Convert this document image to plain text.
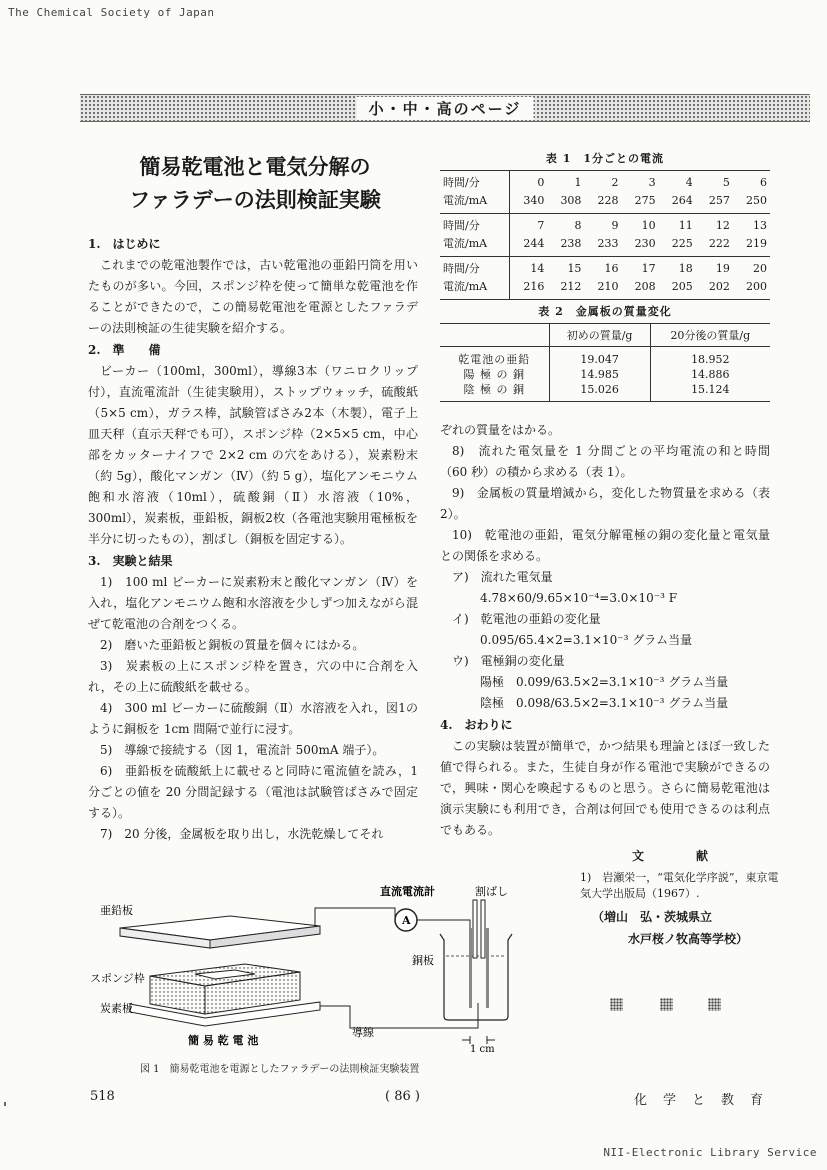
The Chemical Society of Japan
小・中・高のページ
簡易乾電池と電気分解の
ファラデーの法則検証実験
1.　はじめに
これまでの乾電池製作では，古い乾電池の亜鉛円筒を用いたものが多い。今回，スポンジ枠を使って簡単な乾電池を作ることができたので，この簡易乾電池を電源としたファラデーの法則検証の生徒実験を紹介する。
2.　準　　備
ビーカー（100ml，300ml），導線3本（ワニロクリップ付），直流電流計（生徒実験用），ストップウォッチ，硫酸紙（5×5 cm），ガラス棒，試験管ばさみ2本（木製），電子上皿天秤（直示天秤でも可），スポンジ枠（2×5×5 cm，中心部をカッターナイフで 2×2 cm の穴をあける），炭素粉末（約 5g），酸化マンガン（Ⅳ）（約 5 g），塩化アンモニウム飽和水溶液（10ml），硫酸銅（Ⅱ）水溶液（10%，300ml），炭素板，亜鉛板，銅板2枚（各電池実験用電極板を半分に切ったもの），割ばし（銅板を固定する）。
3.　実験と結果
1)　100 ml ビーカーに炭素粉末と酸化マンガン（Ⅳ）を入れ，塩化アンモニウム飽和水溶液を少しずつ加えながら混ぜて乾電池の合剤をつくる。
2)　磨いた亜鉛板と銅板の質量を個々にはかる。
3)　炭素板の上にスポンジ枠を置き，穴の中に合剤を入れ，その上に硫酸紙を載せる。
4)　300 ml ビーカーに硫酸銅（Ⅱ）水溶液を入れ，図1のように銅板を 1cm 間隔で並行に浸す。
5)　導線で接続する（図 1，電流計 500mA 端子）。
6)　亜鉛板を硫酸紙上に載せると同時に電流値を読み，1分ごとの値を 20 分間記録する（電池は試験管ばさみで固定する）。
7)　20 分後，金属板を取り出し，水洗乾燥してそれ
表 1　1分ごとの電流
時間/分	0	1	2	3	4	5	6
電流/mA	340	308	228	275	264	257	250
時間/分	7	8	9	10	11	12	13
電流/mA	244	238	233	230	225	222	219
時間/分	14	15	16	17	18	19	20
電流/mA	216	212	210	208	205	202	200
表 2　金属板の質量変化
	初めの質量/g	20分後の質量/g
乾電池の亜鉛	19.047	18.952
陽 極 の 銅	14.985	14.886
陰 極 の 銅	15.026	15.124
ぞれの質量をはかる。
8)　流れた電気量を 1 分間ごとの平均電流の和と時間（60 秒）の積から求める（表 1）。
9)　金属板の質量増減から，変化した物質量を求める（表 2）。
10)　乾電池の亜鉛，電気分解電極の銅の変化量と電気量との関係を求める。
ア)　流れた電気量
4.78×60/9.65×10⁻⁴=3.0×10⁻³ F
イ)　乾電池の亜鉛の変化量
0.095/65.4×2=3.1×10⁻³ グラム当量
ウ)　電極銅の変化量
陽極　0.099/63.5×2=3.1×10⁻³ グラム当量
陰極　0.098/63.5×2=3.1×10⁻³ グラム当量
4.　おわりに
この実験は装置が簡単で，かつ結果も理論とほぼ一致した値で得られる。また，生徒自身が作る電池で実験ができるので，興味・関心を喚起するものと思う。さらに簡易乾電池は演示実験にも利用でき，合剤は何回でも使用できるのは利点でもある。
文　献
1)　岩瀬栄一，“電気化学序説”，東京電気大学出版局（1967）.
（増山　弘・茨城県立
水戸桜ノ牧高等学校）
直流電流計
A
割ばし
亜鉛板
銅板
スポンジ枠
炭素板
簡 易 乾 電 池
導線
1 cm
図 1　簡易乾電池を電源としたファラデーの法則検証実験装置
518	( 86 )	化学と教育
NII-Electronic Library Service
